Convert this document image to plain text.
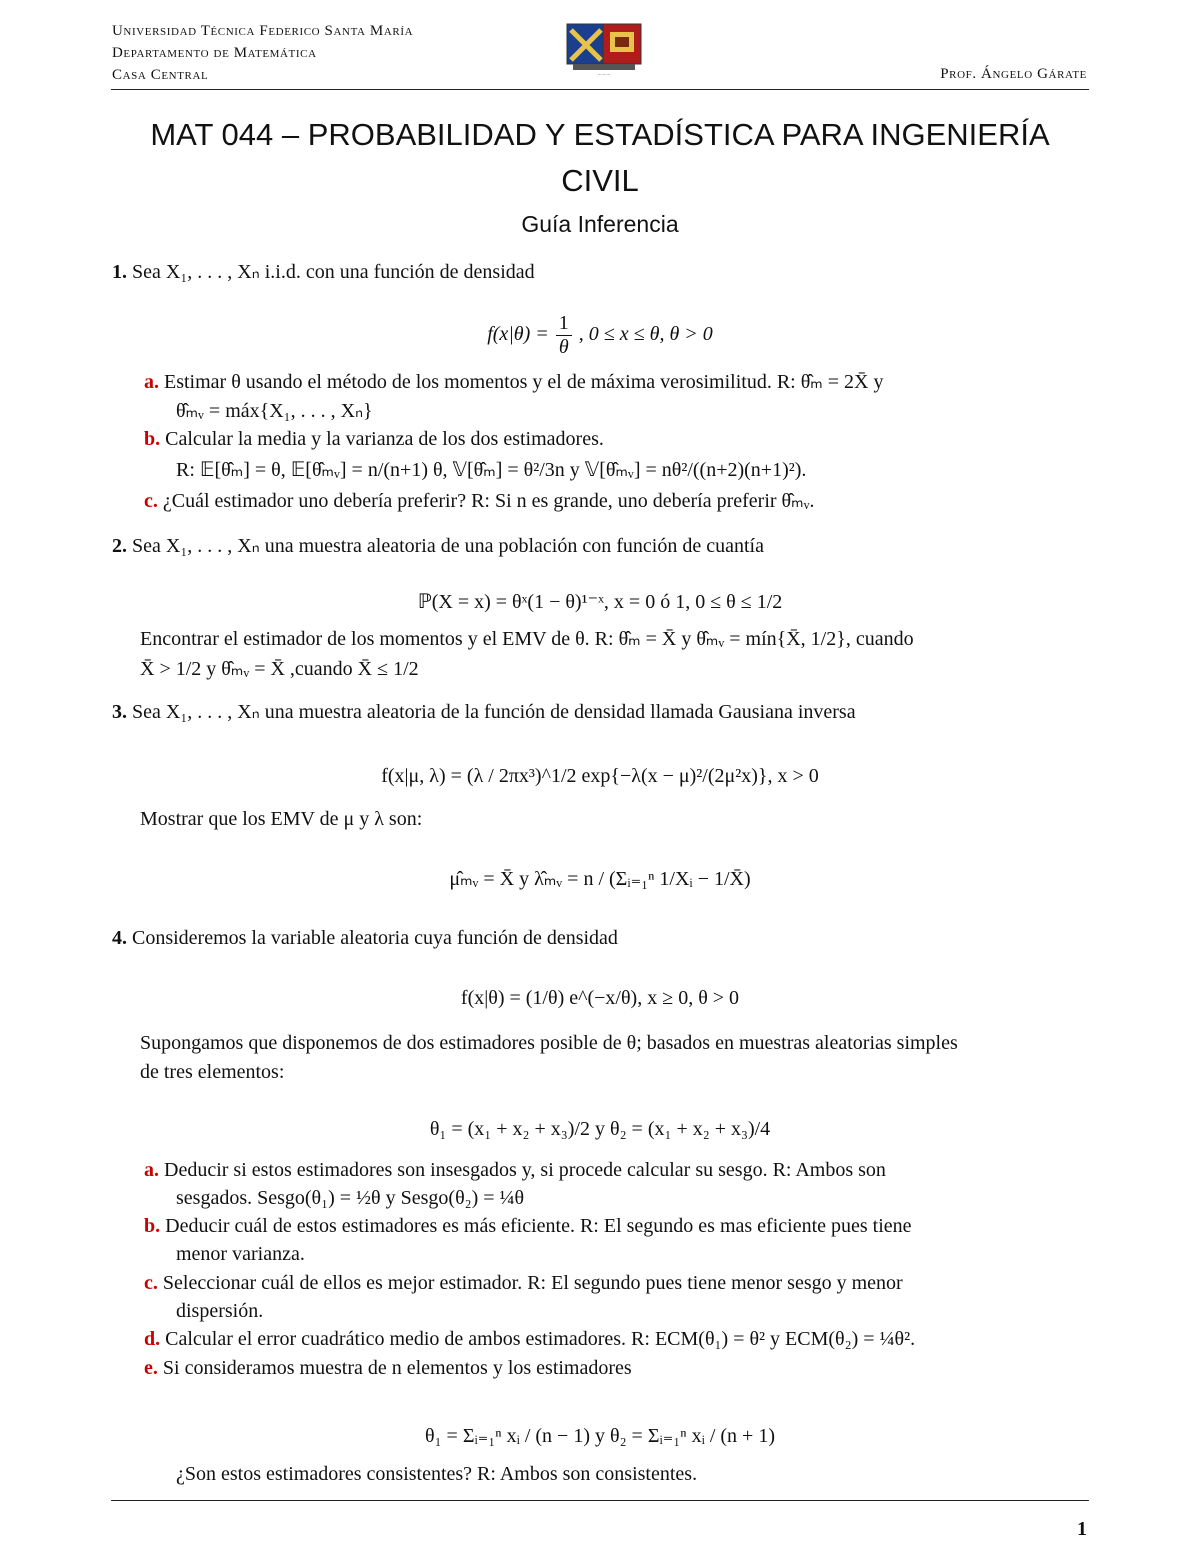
Universidad Técnica Federico Santa María
Departamento de Matemática
Casa Central	··········	Prof. Ángelo Gárate
MAT 044 – PROBABILIDAD Y ESTADÍSTICA PARA INGENIERÍA
CIVIL
Guía Inferencia
1. Sea X₁, . . . , Xₙ i.i.d. con una función de densidad
$f(x|\theta) = \frac{1}{\theta}$ , 0 ≤ x ≤ θ, θ > 0
a. Estimar θ usando el método de los momentos y el de máxima verosimilitud. R: θ̂ₘ = 2X̄ y
θ̂ₘᵥ = máx{X₁, . . . , Xₙ}
b. Calcular la media y la varianza de los dos estimadores.
R: 𝔼[θ̂ₘ] = θ, 𝔼[θ̂ₘᵥ] = n/(n+1) θ, 𝕍[θ̂ₘ] = θ²/3n y 𝕍[θ̂ₘᵥ] = nθ²/((n+2)(n+1)²).
c. ¿Cuál estimador uno debería preferir? R: Si n es grande, uno debería preferir θ̂ₘᵥ.
2. Sea X₁, . . . , Xₙ una muestra aleatoria de una población con función de cuantía
ℙ(X = x) = θˣ(1 − θ)¹⁻ˣ, x = 0 ó 1, 0 ≤ θ ≤ 1/2
Encontrar el estimador de los momentos y el EMV de θ. R: θ̂ₘ = X̄ y θ̂ₘᵥ = mín{X̄, 1/2}, cuando
X̄ > 1/2 y θ̂ₘᵥ = X̄ ,cuando X̄ ≤ 1/2
3. Sea X₁, . . . , Xₙ una muestra aleatoria de la función de densidad llamada Gausiana inversa
f(x|μ, λ) = (λ / 2πx³)^1/2 exp{−λ(x − μ)²/(2μ²x)}, x > 0
Mostrar que los EMV de μ y λ son:
μ̂ₘᵥ = X̄ y λ̂ₘᵥ = n / (Σᵢ₌₁ⁿ 1/Xᵢ − 1/X̄)
4. Consideremos la variable aleatoria cuya función de densidad
f(x|θ) = (1/θ) e^(−x/θ), x ≥ 0, θ > 0
Supongamos que disponemos de dos estimadores posible de θ; basados en muestras aleatorias simples
de tres elementos:
θ₁ = (x₁ + x₂ + x₃)/2 y θ₂ = (x₁ + x₂ + x₃)/4
a. Deducir si estos estimadores son insesgados y, si procede calcular su sesgo. R: Ambos son
sesgados. Sesgo(θ₁) = ½θ y Sesgo(θ₂) = ¼θ
b. Deducir cuál de estos estimadores es más eficiente. R: El segundo es mas eficiente pues tiene
menor varianza.
c. Seleccionar cuál de ellos es mejor estimador. R: El segundo pues tiene menor sesgo y menor
dispersión.
d. Calcular el error cuadrático medio de ambos estimadores. R: ECM(θ₁) = θ² y ECM(θ₂) = ¼θ².
e. Si consideramos muestra de n elementos y los estimadores
θ₁ = Σᵢ₌₁ⁿ xᵢ / (n − 1) y θ₂ = Σᵢ₌₁ⁿ xᵢ / (n + 1)
¿Son estos estimadores consistentes? R: Ambos son consistentes.
1
